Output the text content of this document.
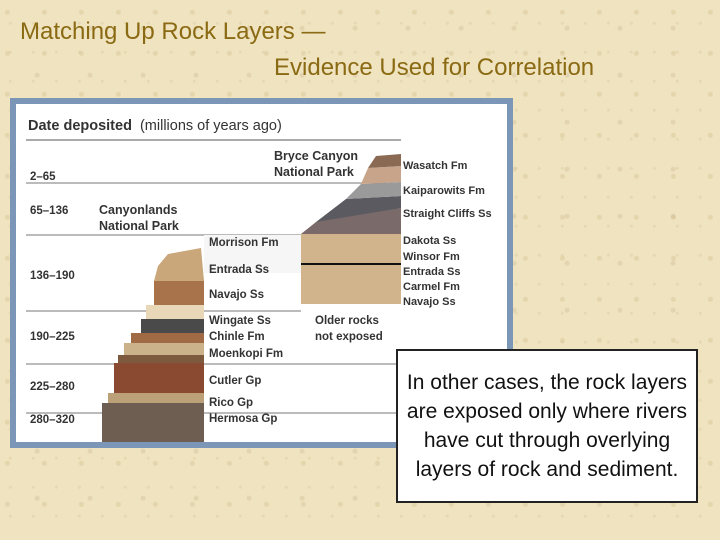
Matching Up Rock Layers —
Evidence Used for Correlation
Date deposited (millions of years ago)
2–65
65–136
136–190
190–225
225–280
280–320
Bryce Canyon
National Park
Canyonlands
National Park
Morrison Fm
Entrada Ss
Navajo Ss
Wingate Ss
Chinle Fm
Moenkopi Fm
Cutler Gp
Rico Gp
Hermosa Gp
Older rocks
not exposed
Wasatch Fm
Kaiparowits Fm
Straight Cliffs Ss
Dakota Ss
Winsor Fm
Entrada Ss
Carmel Fm
Navajo Ss
In other cases, the rock layers are exposed only where rivers have cut through overlying layers of rock and sediment.
